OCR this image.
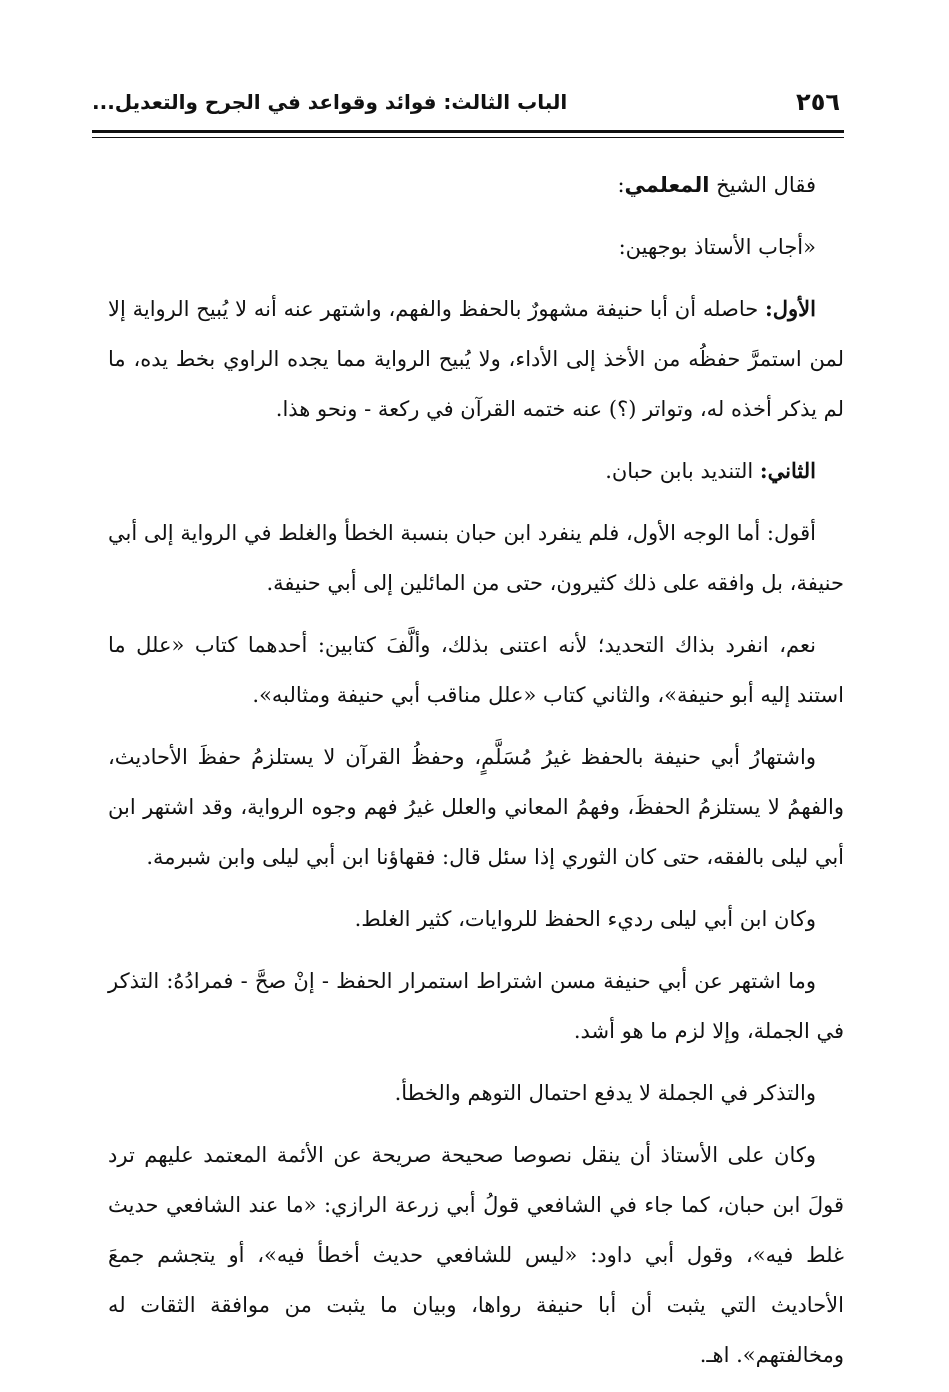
٢٥٦
الباب الثالث: فوائد وقواعد في الجرح والتعديل...

فقال الشيخ المعلمي:

«أجاب الأستاذ بوجهين:

الأول: حاصله أن أبا حنيفة مشهورٌ بالحفظ والفهم، واشتهر عنه أنه لا يُبيح الرواية إلا لمن استمرَّ حفظُه من الأخذ إلى الأداء، ولا يُبيح الرواية مما يجده الراوي بخط يده، ما لم يذكر أخذه له، وتواتر (؟) عنه ختمه القرآن في ركعة - ونحو هذا.

الثاني: التنديد بابن حبان.

أقول: أما الوجه الأول، فلم ينفرد ابن حبان بنسبة الخطأ والغلط في الرواية إلى أبي حنيفة، بل وافقه على ذلك كثيرون، حتى من المائلين إلى أبي حنيفة.

نعم، انفرد بذاك التحديد؛ لأنه اعتنى بذلك، وألَّفَ كتابين: أحدهما كتاب «علل ما استند إليه أبو حنيفة»، والثاني كتاب «علل مناقب أبي حنيفة ومثالبه».

واشتهارُ أبي حنيفة بالحفظ غيرُ مُسَلَّمٍ، وحفظُ القرآن لا يستلزمُ حفظَ الأحاديث، والفهمُ لا يستلزمُ الحفظَ، وفهمُ المعاني والعلل غيرُ فهم وجوه الرواية، وقد اشتهر ابن أبي ليلى بالفقه، حتى كان الثوري إذا سئل قال: فقهاؤنا ابن أبي ليلى وابن شبرمة.

وكان ابن أبي ليلى رديء الحفظ للروايات، كثير الغلط.

وما اشتهر عن أبي حنيفة مسن اشتراط استمرار الحفظ - إنْ صحَّ - فمرادُهُ: التذكر في الجملة، وإلا لزم ما هو أشد.

والتذكر في الجملة لا يدفع احتمال التوهم والخطأ.

وكان على الأستاذ أن ينقل نصوصا صحيحة صريحة عن الأئمة المعتمد عليهم ترد قولَ ابن حبان، كما جاء في الشافعي قولُ أبي زرعة الرازي: «ما عند الشافعي حديث غلط فيه»، وقول أبي داود: «ليس للشافعي حديث أخطأ فيه»، أو يتجشم جمعَ الأحاديث التي يثبت أن أبا حنيفة رواها، وبيان ما يثبت من موافقة الثقات له ومخالفتهم». اهـ.
